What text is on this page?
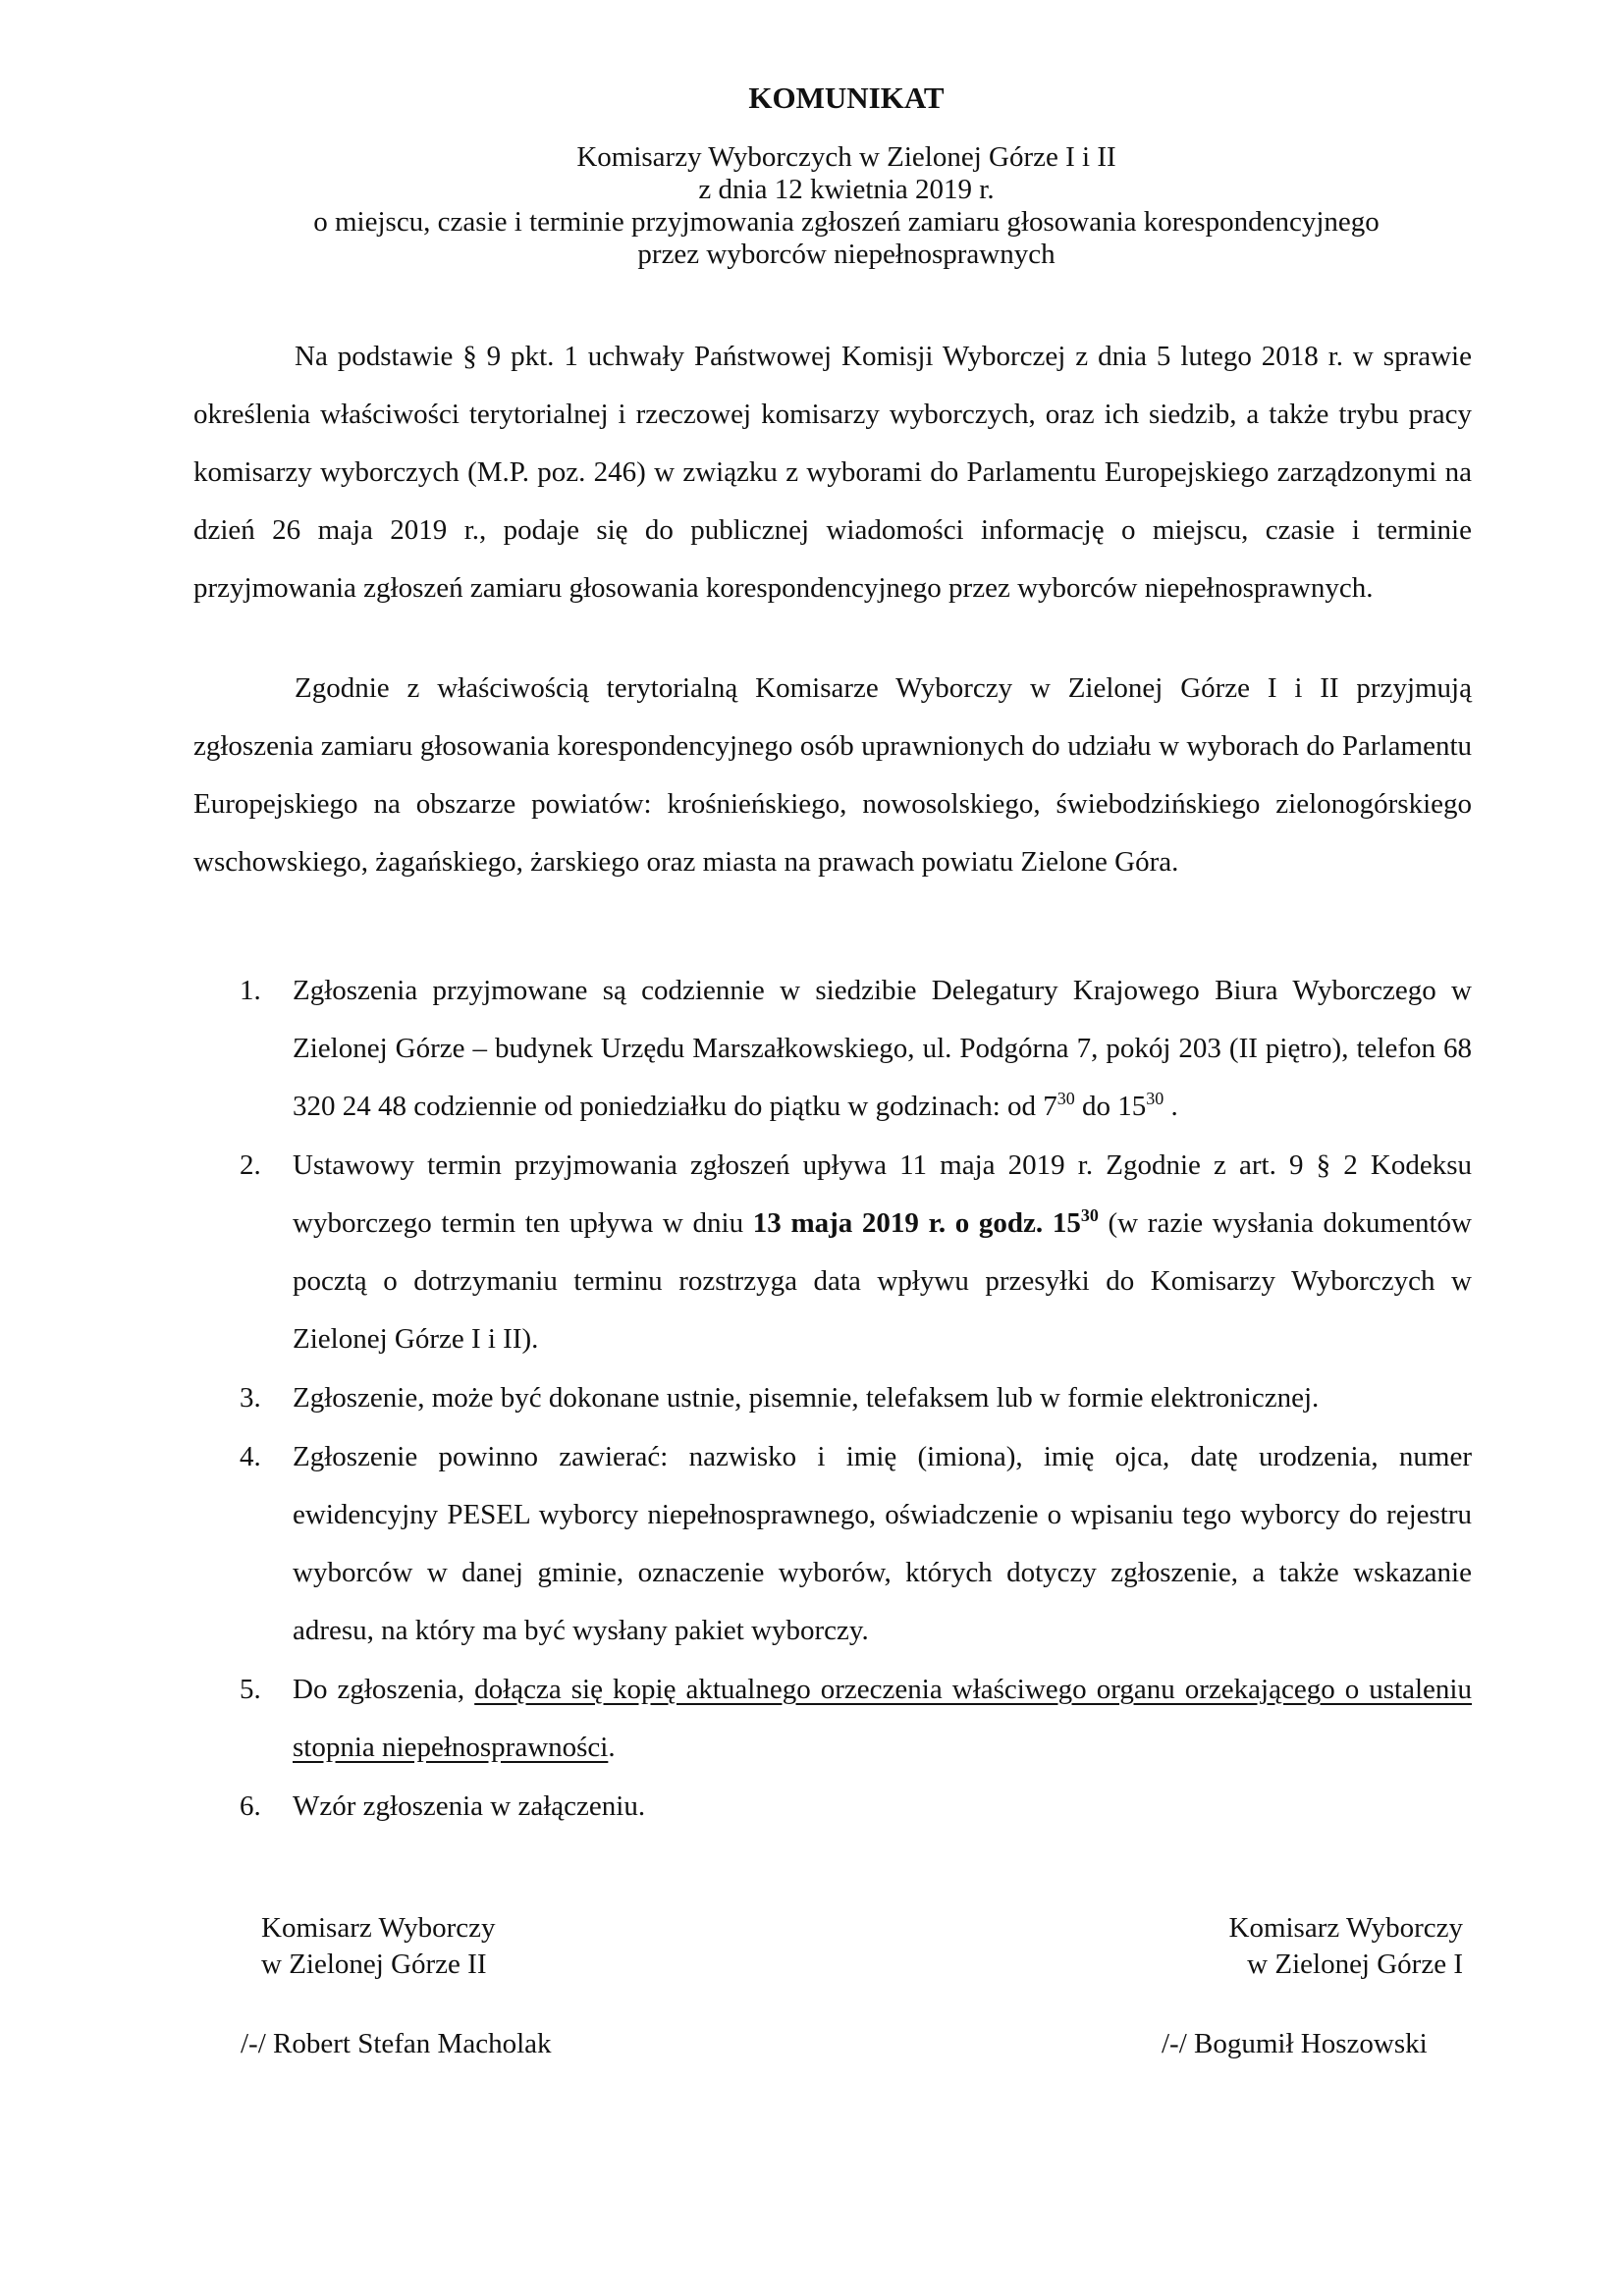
KOMUNIKAT
Komisarzy Wyborczych w Zielonej Górze I i II
z dnia 12 kwietnia 2019 r.
o miejscu, czasie i terminie przyjmowania zgłoszeń zamiaru głosowania korespondencyjnego
przez wyborców niepełnosprawnych

Na podstawie § 9 pkt. 1 uchwały Państwowej Komisji Wyborczej z dnia 5 lutego 2018 r. w sprawie określenia właściwości terytorialnej i rzeczowej komisarzy wyborczych, oraz ich siedzib, a także trybu pracy komisarzy wyborczych (M.P. poz. 246) w związku z wyborami do Parlamentu Europejskiego zarządzonymi na dzień 26 maja 2019 r., podaje się do publicznej wiadomości informację o miejscu, czasie i terminie przyjmowania zgłoszeń zamiaru głosowania korespondencyjnego przez wyborców niepełnosprawnych.

Zgodnie z właściwością terytorialną Komisarze Wyborczy w Zielonej Górze I i II przyjmują zgłoszenia zamiaru głosowania korespondencyjnego osób uprawnionych do udziału w wyborach do Parlamentu Europejskiego na obszarze powiatów: krośnieńskiego, nowosolskiego, świebodzińskiego zielonogórskiego wschowskiego, żagańskiego, żarskiego oraz miasta na prawach powiatu Zielone Góra.

1. Zgłoszenia przyjmowane są codziennie w siedzibie Delegatury Krajowego Biura Wyborczego w Zielonej Górze – budynek Urzędu Marszałkowskiego, ul. Podgórna 7, pokój 203 (II piętro), telefon 68 320 24 48 codziennie od poniedziałku do piątku w godzinach: od $7^{30}$ do $15^{30}$ .

2. Ustawowy termin przyjmowania zgłoszeń upływa 11 maja 2019 r. Zgodnie z art. 9 § 2 Kodeksu wyborczego termin ten upływa w dniu 13 maja 2019 r. o godz. $15^{30}$ (w razie wysłania dokumentów pocztą o dotrzymaniu terminu rozstrzyga data wpływu przesyłki do Komisarzy Wyborczych w Zielonej Górze I i II).

3. Zgłoszenie, może być dokonane ustnie, pisemnie, telefaksem lub w formie elektronicznej.

4. Zgłoszenie powinno zawierać: nazwisko i imię (imiona), imię ojca, datę urodzenia, numer ewidencyjny PESEL wyborcy niepełnosprawnego, oświadczenie o wpisaniu tego wyborcy do rejestru wyborców w danej gminie, oznaczenie wyborów, których dotyczy zgłoszenie, a także wskazanie adresu, na który ma być wysłany pakiet wyborczy.

5. Do zgłoszenia, dołącza się kopię aktualnego orzeczenia właściwego organu orzekającego o ustaleniu stopnia niepełnosprawności.

6. Wzór zgłoszenia w załączeniu.

Komisarz Wyborczy
w Zielonej Górze II
/-/ Robert Stefan Macholak
Komisarz Wyborczy
w Zielonej Górze I
/-/ Bogumił Hoszowski
